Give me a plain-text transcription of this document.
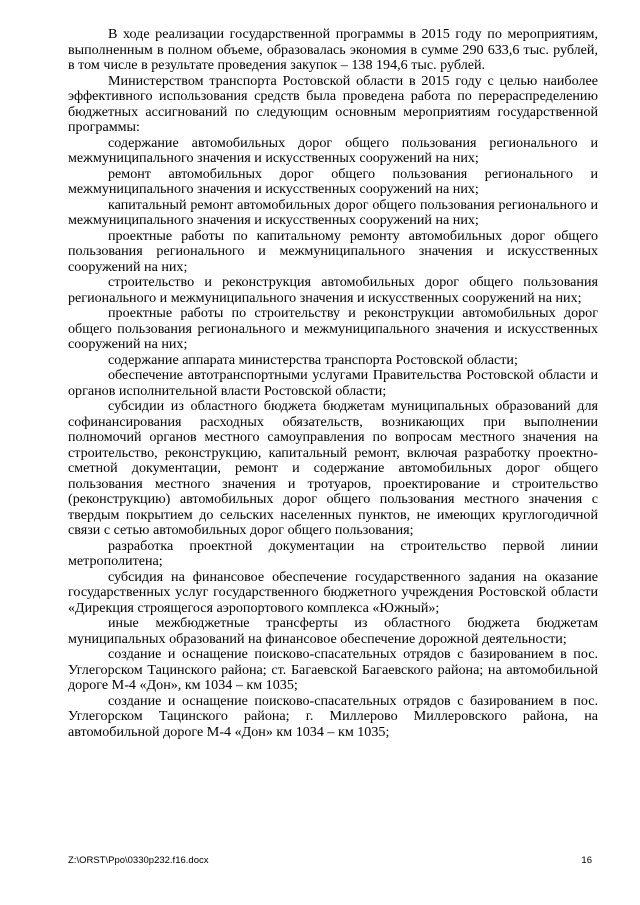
В ходе реализации государственной программы в 2015 году по мероприятиям, выполненным в полном объеме, образовалась экономия в сумме 290 633,6 тыс. рублей, в том числе в результате проведения закупок – 138 194,6 тыс. рублей.

Министерством транспорта Ростовской области в 2015 году с целью наиболее эффективного использования средств была проведена работа по перераспределению бюджетных ассигнований по следующим основным мероприятиям государственной программы:

содержание автомобильных дорог общего пользования регионального и межмуниципального значения и искусственных сооружений на них;

ремонт автомобильных дорог общего пользования регионального и межмуниципального значения и искусственных сооружений на них;

капитальный ремонт автомобильных дорог общего пользования регионального и межмуниципального значения и искусственных сооружений на них;

проектные работы по капитальному ремонту автомобильных дорог общего пользования регионального и межмуниципального значения и искусственных сооружений на них;

строительство и реконструкция автомобильных дорог общего пользования регионального и межмуниципального значения и искусственных сооружений на них;

проектные работы по строительству и реконструкции автомобильных дорог общего пользования регионального и межмуниципального значения и искусственных сооружений на них;

содержание аппарата министерства транспорта Ростовской области;

обеспечение автотранспортными услугами Правительства Ростовской области и органов исполнительной власти Ростовской области;

субсидии из областного бюджета бюджетам муниципальных образований для софинансирования расходных обязательств, возникающих при выполнении полномочий органов местного самоуправления по вопросам местного значения на строительство, реконструкцию, капитальный ремонт, включая разработку проектно-сметной документации, ремонт и содержание автомобильных дорог общего пользования местного значения и тротуаров, проектирование и строительство (реконструкцию) автомобильных дорог общего пользования местного значения с твердым покрытием до сельских населенных пунктов, не имеющих круглогодичной связи с сетью автомобильных дорог общего пользования;

разработка проектной документации на строительство первой линии метрополитена;

субсидия на финансовое обеспечение государственного задания на оказание государственных услуг государственного бюджетного учреждения Ростовской области «Дирекция строящегося аэропортового комплекса «Южный»;

иные межбюджетные трансферты из областного бюджета бюджетам муниципальных образований на финансовое обеспечение дорожной деятельности;

создание и оснащение поисково-спасательных отрядов с базированием в пос. Углегорском Тацинского района; ст. Багаевской Багаевского района; на автомобильной дороге М-4 «Дон», км 1034 – км 1035;

создание и оснащение поисково-спасательных отрядов с базированием в пос. Углегорском Тацинского района; г. Миллерово Миллеровского района, на автомобильной дороге М-4 «Дон» км 1034 – км 1035;

Z:\ORST\Ppo\0330p232.f16.docx	16
